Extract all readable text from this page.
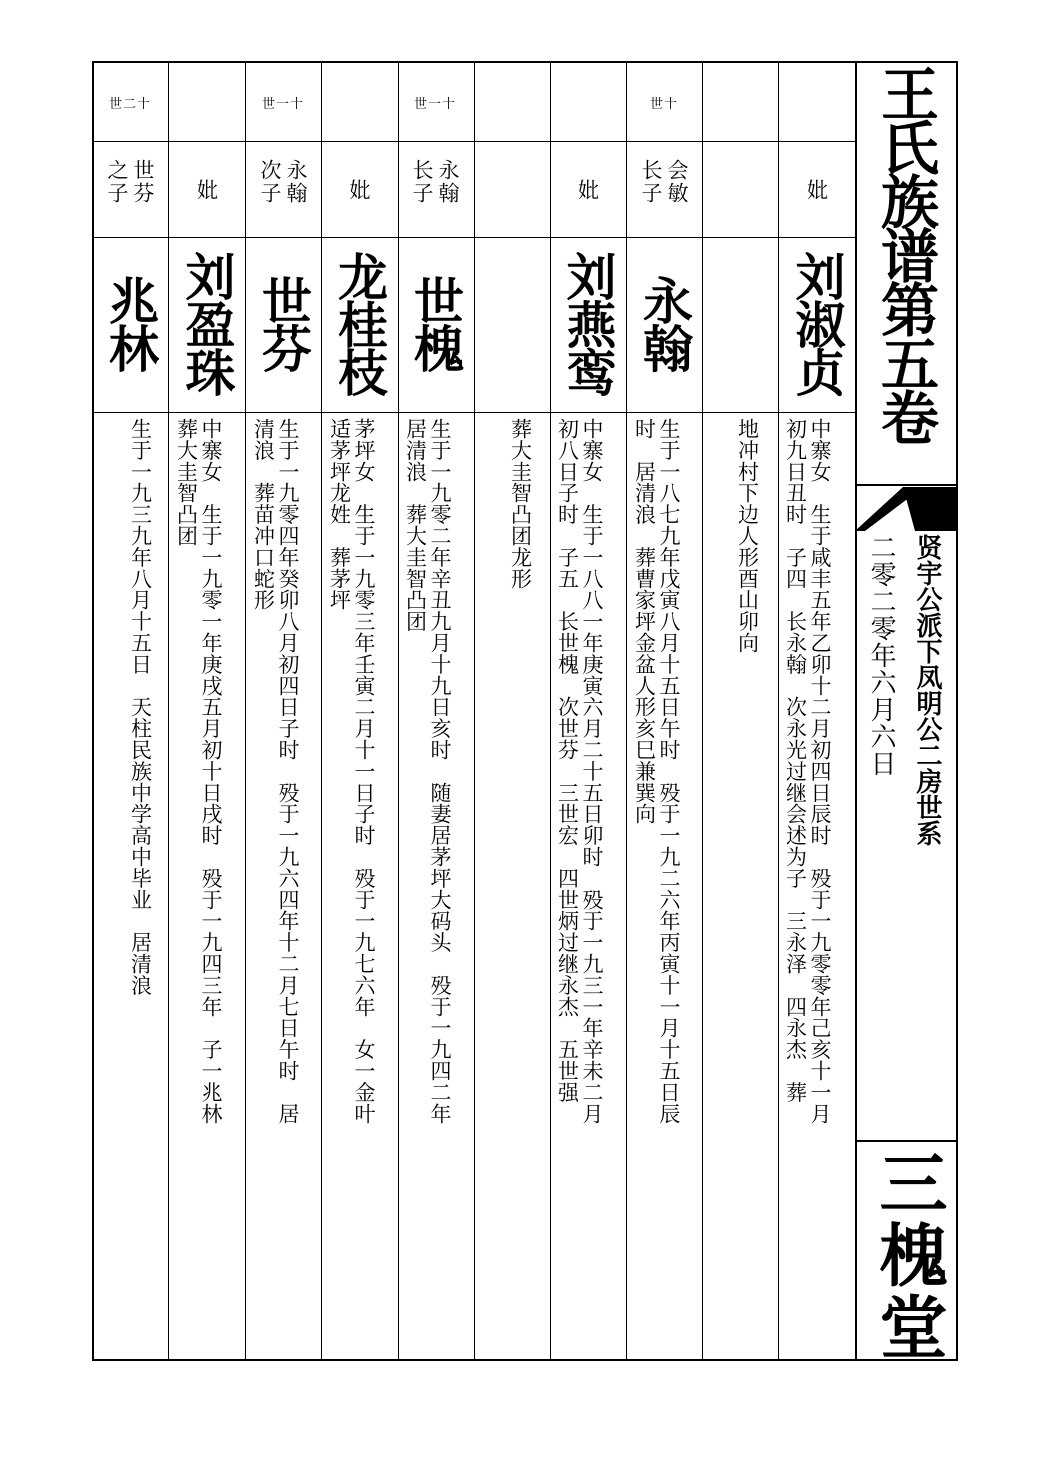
王氏族谱第五卷
贤宇公派下凤明公二房世系
二零二零年六月六日
三槐堂
妣
刘淑贞
中寨女　生于咸丰五年乙卯十二月初四日辰时　殁于一九零零年己亥十一月
初九日丑时　子四　长永翰　次永光过继会述为子　三永泽　四永杰　葬
地冲村下边人形酉山卯向
世十
会敏 长子
永翰
生于一八七九年戊寅八月十五日午时　殁于一九二六年丙寅十一月十五日辰
时　居清浪　葬曹家坪金盆人形亥巳兼巽向
妣
刘燕鸾
中寨女　生于一八八一年庚寅六月二十五日卯时　殁于一九三一年辛未二月
初八日子时　子五　长世槐　次世芬　三世宏　四世炳过继永杰　五世强
葬大圭智凸团龙形
世一十
永翰 长子
世槐
生于一九零二年辛丑九月十九日亥时　随妻居茅坪大码头　殁于一九四二年
居清浪　葬大圭智凸团
妣
龙桂枝
茅坪女　生于一九零三年壬寅二月十一日子时　殁于一九七六年　女一金叶
适茅坪龙姓　葬茅坪
世一十
永翰 次子
世芬
生于一九零四年癸卯八月初四日子时　殁于一九六四年十二月七日午时　居
清浪　葬苗冲口蛇形
妣
刘盈珠
中寨女　生于一九零一年庚戌五月初十日戌时　殁于一九四三年　子一兆林
葬大圭智凸团
世二十
世芬 之子
兆林
生于一九三九年八月十五日　天柱民族中学高中毕业　居清浪
